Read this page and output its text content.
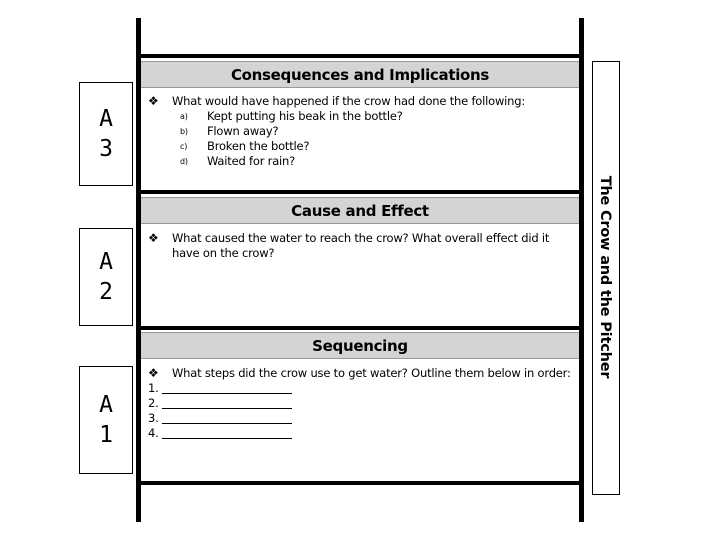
Consequences and Implications
A
3
❖	What would have happened if the crow had done the following:
a)	Kept putting his beak in the bottle?
b)	Flown away?
c)	Broken the bottle?
d)	Waited for rain?
Cause and Effect
A
2
❖	What caused the water to reach the crow? What overall effect did it have on the crow?
Sequencing
A
1
❖	What steps did the crow use to get water? Outline them below in order:
1.
2.
3.
4.
The Crow and the Pitcher
